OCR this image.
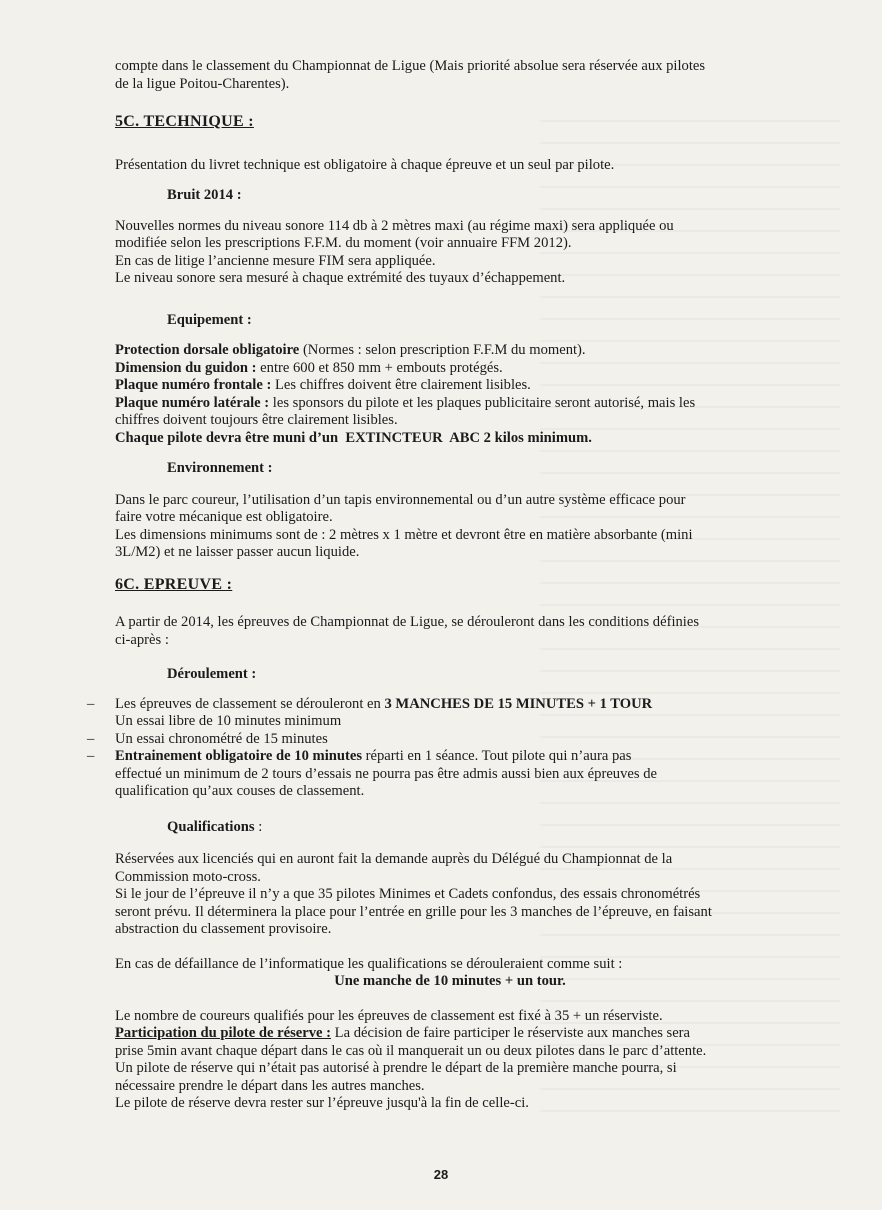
compte dans le classement du Championnat de Ligue (Mais priorité absolue sera réservée aux pilotes

de la ligue Poitou-Charentes).

5C. TECHNIQUE :

Présentation du livret technique est obligatoire à chaque épreuve et un seul par pilote.

Bruit 2014 :

Nouvelles normes du niveau sonore 114 db à 2 mètres maxi (au régime maxi) sera appliquée ou

modifiée selon les prescriptions F.F.M. du moment (voir annuaire FFM 2012).

En cas de litige l’ancienne mesure FIM sera appliquée.

Le niveau sonore sera mesuré à chaque extrémité des tuyaux d’échappement.

Equipement :

Protection dorsale obligatoire (Normes : selon prescription F.F.M du moment).

Dimension du guidon : entre 600 et 850 mm + embouts protégés.

Plaque numéro frontale : Les chiffres doivent être clairement lisibles.

Plaque numéro latérale : les sponsors du pilote et les plaques publicitaire seront autorisé, mais les

chiffres doivent toujours être clairement lisibles.

Chaque pilote devra être muni d’un  EXTINCTEUR  ABC 2 kilos minimum.

Environnement :

Dans le parc coureur, l’utilisation d’un tapis environnemental ou d’un autre système efficace pour

faire votre mécanique est obligatoire.

Les dimensions minimums sont de : 2 mètres x 1 mètre et devront être en matière absorbante (mini

3L/M2) et ne laisser passer aucun liquide.

6C. EPREUVE :

A partir de 2014, les épreuves de Championnat de Ligue, se dérouleront dans les conditions définies

ci-après :

Déroulement :

– Les épreuves de classement se dérouleront en 3 MANCHES DE 15 MINUTES + 1 TOUR
Un essai libre de 10 minutes minimum
– Un essai chronométré de 15 minutes
– Entrainement obligatoire de 10 minutes réparti en 1 séance. Tout pilote qui n’aura pas
effectué un minimum de 2 tours d’essais ne pourra pas être admis aussi bien aux épreuves de
qualification qu’aux couses de classement.

Qualifications :

Réservées aux licenciés qui en auront fait la demande auprès du Délégué du Championnat de la

Commission moto-cross.

Si le jour de l’épreuve il n’y a que 35 pilotes Minimes et Cadets confondus, des essais chronométrés

seront prévu. Il déterminera la place pour l’entrée en grille pour les 3 manches de l’épreuve, en faisant

abstraction du classement provisoire.

En cas de défaillance de l’informatique les qualifications se dérouleraient comme suit :

Une manche de 10 minutes + un tour.

Le nombre de coureurs qualifiés pour les épreuves de classement est fixé à 35 + un réserviste.

Participation du pilote de réserve : La décision de faire participer le réserviste aux manches sera

prise 5min avant chaque départ dans le cas où il manquerait un ou deux pilotes dans le parc d’attente.

Un pilote de réserve qui n’était pas autorisé à prendre le départ de la première manche pourra, si

nécessaire prendre le départ dans les autres manches.

Le pilote de réserve devra rester sur l’épreuve jusqu'à la fin de celle-ci.

28
